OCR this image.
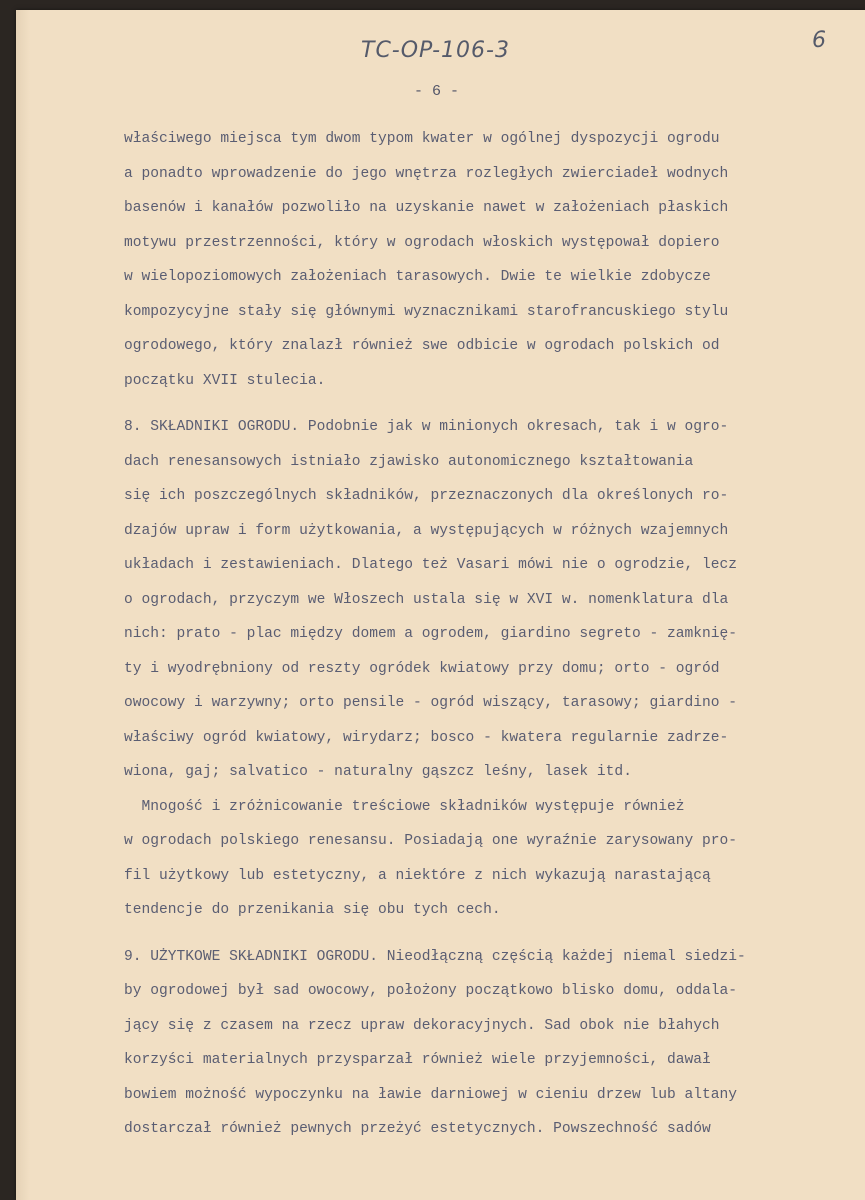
TC-OP-106-3	6
- 6 -
właściwego miejsca tym dwom typom kwater w ogólnej dyspozycji ogrodu
a ponadto wprowadzenie do jego wnętrza rozległych zwierciadeł wodnych
basenów i kanałów pozwoliło na uzyskanie nawet w założeniach płaskich
motywu przestrzenności, który w ogrodach włoskich występował dopiero
w wielopoziomowych założeniach tarasowych. Dwie te wielkie zdobycze
kompozycyjne stały się głównymi wyznacznikami starofrancuskiego stylu
ogrodowego, który znalazł również swe odbicie w ogrodach polskich od
początku XVII stulecia.
8. SKŁADNIKI OGRODU. Podobnie jak w minionych okresach, tak i w ogro-
dach renesansowych istniało zjawisko autonomicznego kształtowania
się ich poszczególnych składników, przeznaczonych dla określonych ro-
dzajów upraw i form użytkowania, a występujących w różnych wzajemnych
układach i zestawieniach. Dlatego też Vasari mówi nie o ogrodzie, lecz
o ogrodach, przyczym we Włoszech ustala się w XVI w. nomenklatura dla
nich: prato - plac między domem a ogrodem, giardino segreto - zamknię-
ty i wyodrębniony od reszty ogródek kwiatowy przy domu; orto - ogród
owocowy i warzywny; orto pensile - ogród wiszący, tarasowy; giardino -
właściwy ogród kwiatowy, wirydarz; bosco - kwatera regularnie zadrze-
wiona, gaj; salvatico - naturalny gąszcz leśny, lasek itd.
Mnogość i zróżnicowanie treściowe składników występuje również
w ogrodach polskiego renesansu. Posiadają one wyraźnie zarysowany pro-
fil użytkowy lub estetyczny, a niektóre z nich wykazują narastającą
tendencje do przenikania się obu tych cech.
9. UŻYTKOWE SKŁADNIKI OGRODU. Nieodłączną częścią każdej niemal siedzi-
by ogrodowej był sad owocowy, położony początkowo blisko domu, oddala-
jący się z czasem na rzecz upraw dekoracyjnych. Sad obok nie błahych
korzyści materialnych przysparzał również wiele przyjemności, dawał
bowiem możność wypoczynku na ławie darniowej w cieniu drzew lub altany
dostarczał również pewnych przeżyć estetycznych. Powszechność sadów
